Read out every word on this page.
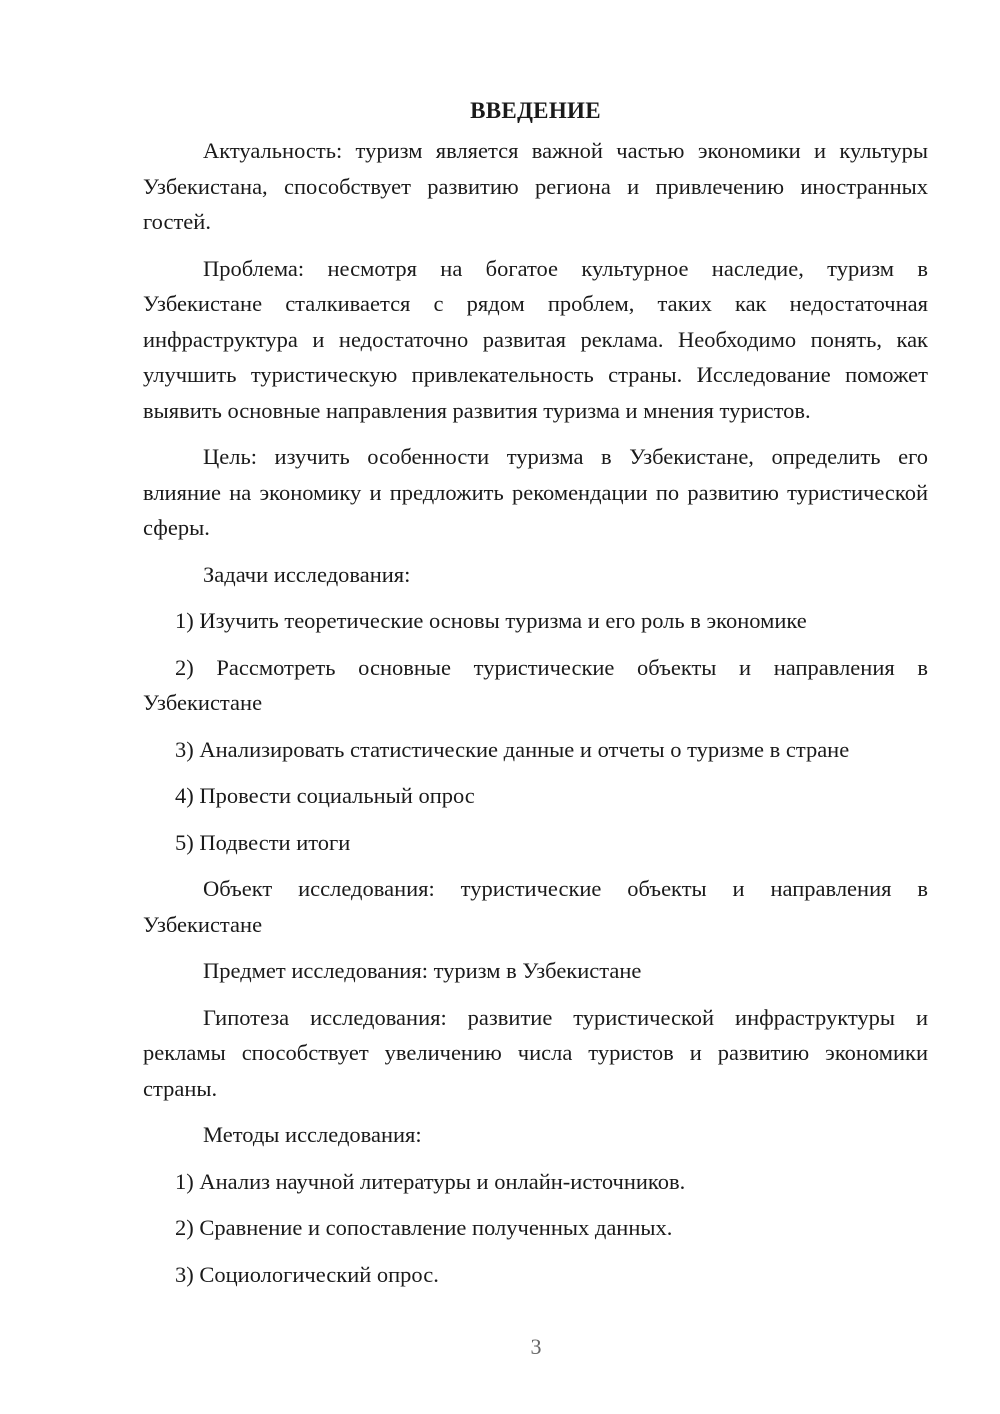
ВВЕДЕНИЕ

Актуальность: туризм является важной частью экономики и культуры Узбекистана, способствует развитию региона и привлечению иностранных гостей.

Проблема: несмотря на богатое культурное наследие, туризм в Узбекистане сталкивается с рядом проблем, таких как недостаточная инфраструктура и недостаточно развитая реклама. Необходимо понять, как улучшить туристическую привлекательность страны. Исследование поможет выявить основные направления развития туризма и мнения туристов.

Цель: изучить особенности туризма в Узбекистане, определить его влияние на экономику и предложить рекомендации по развитию туристической сферы.

Задачи исследования:

1) Изучить теоретические основы туризма и его роль в экономике

2) Рассмотреть основные туристические объекты и направления в Узбекистане

3) Анализировать статистические данные и отчеты о туризме в стране

4) Провести социальный опрос

5) Подвести итоги

Объект исследования: туристические объекты и направления в Узбекистане

Предмет исследования: туризм в Узбекистане

Гипотеза исследования: развитие туристической инфраструктуры и рекламы способствует увеличению числа туристов и развитию экономики страны.

Методы исследования:

1) Анализ научной литературы и онлайн-источников.

2) Сравнение и сопоставление полученных данных.

3) Социологический опрос.

3
